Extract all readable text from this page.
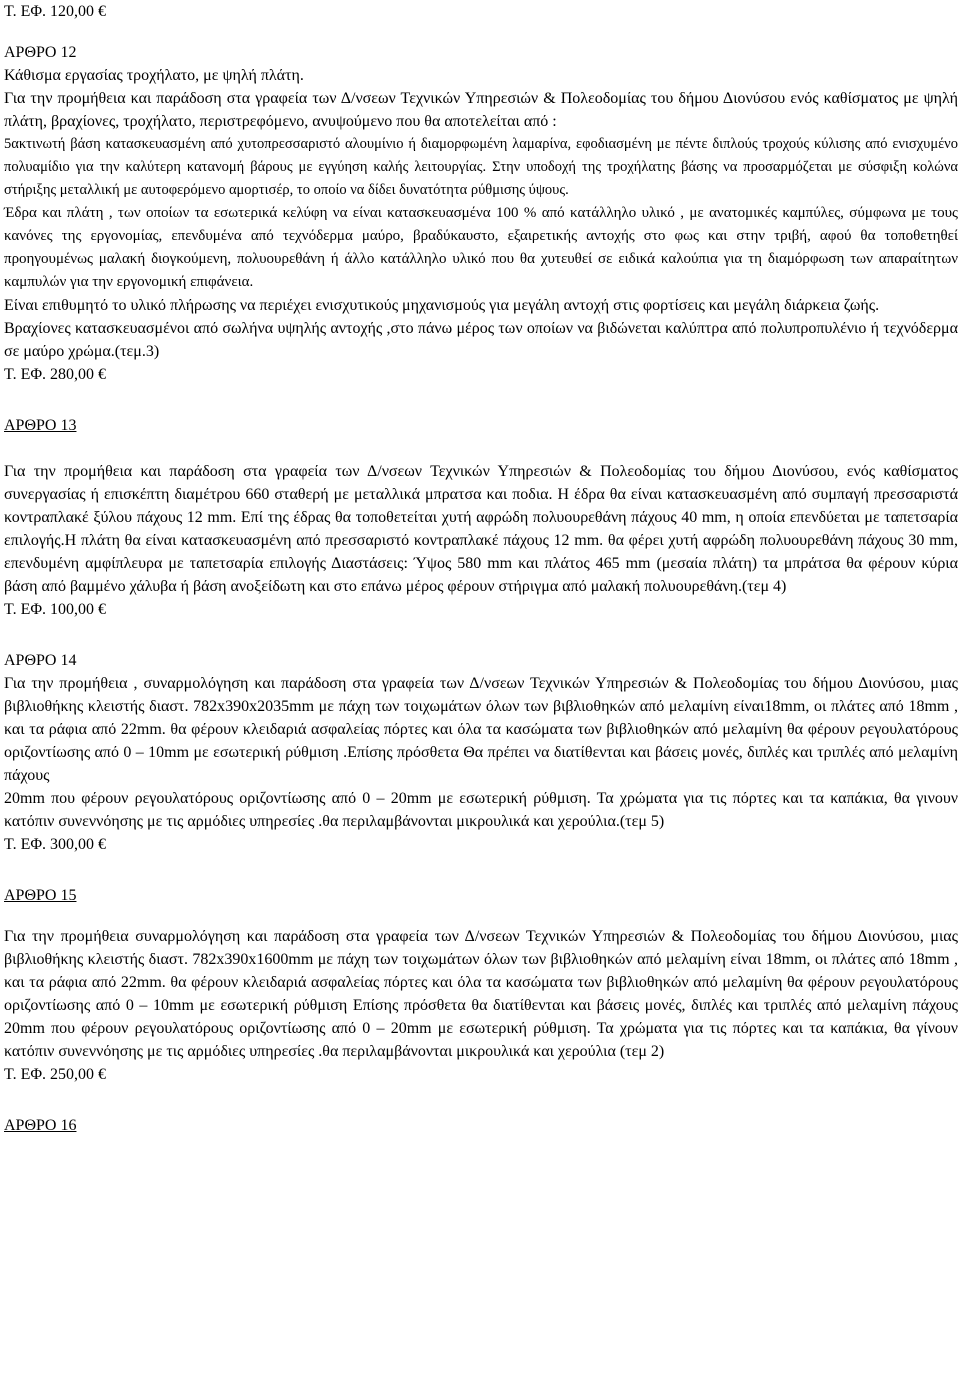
Τ. ΕΦ. 120,00 €
ΑΡΘΡΟ 12
Κάθισμα εργασίας τροχήλατο, με ψηλή πλάτη.

Για την προμήθεια και παράδοση στα γραφεία των Δ/νσεων Τεχνικών Υπηρεσιών & Πολεοδομίας του δήμου Διονύσου ενός καθίσματος με ψηλή πλάτη, βραχίονες, τροχήλατο, περιστρεφόμενο, ανυψούμενο που θα αποτελείται από :

5ακτινωτή βάση κατασκευασμένη από χυτοπρεσσαριστό αλουμίνιο ή διαμορφωμένη λαμαρίνα, εφοδιασμένη με πέντε διπλούς τροχούς κύλισης από ενισχυμένο πολυαμίδιο για την καλύτερη κατανομή βάρους με εγγύηση καλής λειτουργίας. Στην υποδοχή της τροχήλατης βάσης να προσαρμόζεται με σύσφιξη κολώνα στήριξης μεταλλική με αυτοφερόμενο αμορτισέρ, το οποίο να δίδει δυνατότητα ρύθμισης ύψους.

Έδρα και πλάτη , των οποίων τα εσωτερικά κελύφη να είναι κατασκευασμένα 100 % από κατάλληλο υλικό , με ανατομικές καμπύλες, σύμφωνα με τους κανόνες της εργονομίας, επενδυμένα από τεχνόδερμα μαύρο, βραδύκαυστο, εξαιρετικής αντοχής στο φως και στην τριβή, αφού θα τοποθετηθεί προηγουμένως μαλακή διογκούμενη, πολυουρεθάνη ή άλλο κατάλληλο υλικό που θα χυτευθεί σε ειδικά καλούπια για τη διαμόρφωση των απαραίτητων καμπυλών για την εργονομική επιφάνεια.

Είναι επιθυμητό το υλικό πλήρωσης να περιέχει ενισχυτικούς μηχανισμούς για μεγάλη αντοχή στις φορτίσεις και μεγάλη διάρκεια ζωής.

Βραχίονες κατασκευασμένοι από σωλήνα υψηλής αντοχής ,στο πάνω μέρος των οποίων να βιδώνεται καλύπτρα από πολυπροπυλένιο ή τεχνόδερμα σε μαύρο χρώμα.(τεμ.3)

Τ. ΕΦ. 280,00 €
ΑΡΘΡΟ 13

Για την προμήθεια και παράδοση στα γραφεία των Δ/νσεων Τεχνικών Υπηρεσιών & Πολεοδομίας του δήμου Διονύσου, ενός καθίσματος συνεργασίας ή επισκέπτη διαμέτρου 660 σταθερή με μεταλλικά μπρατσα και ποδια. Η έδρα θα είναι κατασκευασμένη από συμπαγή πρεσσαριστά κοντραπλακέ ξύλου πάχους 12 mm. Επί της έδρας θα τοποθετείται χυτή αφρώδη πολυουρεθάνη πάχους 40 mm, η οποία επενδύεται με ταπετσαρία επιλογής.Η πλάτη θα είναι κατασκευασμένη από πρεσσαριστό κοντραπλακέ πάχους 12 mm. θα φέρει χυτή αφρώδη πολυουρεθάνη πάχους 30 mm, επενδυμένη αμφίπλευρα με ταπετσαρία επιλογής Διαστάσεις: Ύψος 580 mm και πλάτος 465 mm (μεσαία πλάτη) τα μπράτσα θα φέρουν κύρια βάση από βαμμένο χάλυβα ή βάση ανοξείδωτη και στο επάνω μέρος φέρουν στήριγμα από μαλακή πολυουρεθάνη.(τεμ 4)

Τ. ΕΦ. 100,00 €
ΑΡΘΡΟ 14

Για την προμήθεια , συναρμολόγηση και παράδοση στα γραφεία των Δ/νσεων Τεχνικών Υπηρεσιών & Πολεοδομίας του δήμου Διονύσου, μιας βιβλιοθήκης κλειστής διαστ. 782x390x2035mm με πάχη των τοιχωμάτων όλων των βιβλιοθηκών από μελαμίνη είναι18mm, οι πλάτες από 18mm , και τα ράφια από 22mm. θα φέρουν κλειδαριά ασφαλείας πόρτες και όλα τα κασώματα των βιβλιοθηκών από μελαμίνη θα φέρουν ρεγουλατόρους οριζοντίωσης από 0 – 10mm με εσωτερική ρύθμιση .Επίσης πρόσθετα Θα πρέπει να διατίθενται και βάσεις μονές, διπλές και τριπλές από μελαμίνη πάχους

20mm που φέρουν ρεγουλατόρους οριζοντίωσης από 0 – 20mm με εσωτερική ρύθμιση. Τα χρώματα για τις πόρτες και τα καπάκια, θα γινουν κατόπιν συνεννόησης με τις αρμόδιες υπηρεσίες .θα περιλαμβάνονται μικρουλικά και χερούλια.(τεμ 5)

Τ. ΕΦ. 300,00 €
ΑΡΘΡΟ 15

Για την προμήθεια συναρμολόγηση και παράδοση στα γραφεία των Δ/νσεων Τεχνικών Υπηρεσιών & Πολεοδομίας του δήμου Διονύσου, μιας βιβλιοθήκης κλειστής διαστ. 782x390x1600mm με πάχη των τοιχωμάτων όλων των βιβλιοθηκών από μελαμίνη είναι 18mm, οι πλάτες από 18mm , και τα ράφια από 22mm. θα φέρουν κλειδαριά ασφαλείας πόρτες και όλα τα κασώματα των βιβλιοθηκών από μελαμίνη θα φέρουν ρεγουλατόρους οριζοντίωσης από 0 – 10mm με εσωτερική ρύθμιση Επίσης πρόσθετα θα διατίθενται και βάσεις μονές, διπλές και τριπλές από μελαμίνη πάχους 20mm που φέρουν ρεγουλατόρους οριζοντίωσης από 0 – 20mm με εσωτερική ρύθμιση. Τα χρώματα για τις πόρτες και τα καπάκια, θα γίνουν κατόπιν συνεννόησης με τις αρμόδιες υπηρεσίες .θα περιλαμβάνονται μικρουλικά και χερούλια (τεμ 2)

Τ. ΕΦ. 250,00 €
ΑΡΘΡΟ 16
